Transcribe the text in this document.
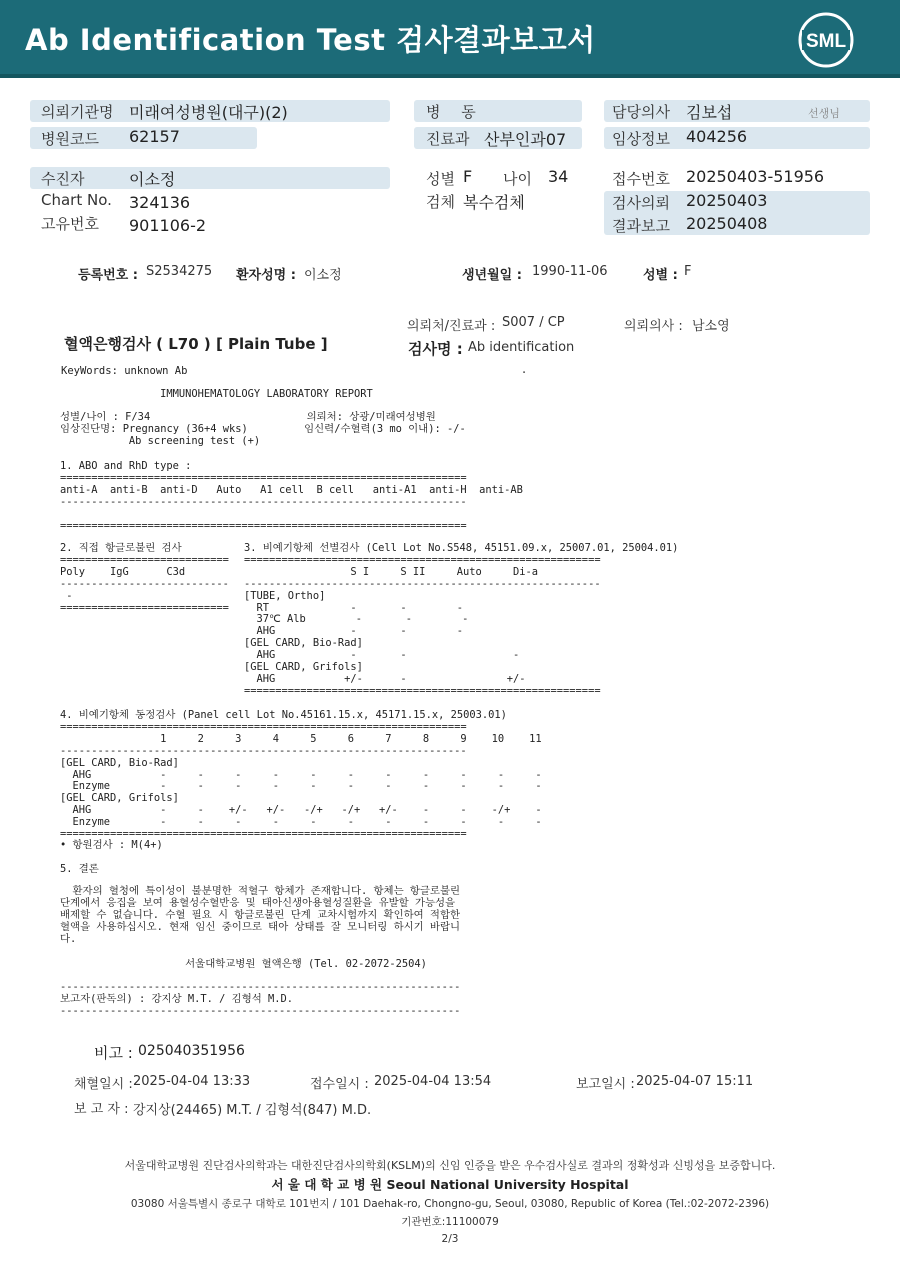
Ab Identification Test 검사결과보고서	SML
의뢰기관명 미래여성병원(대구)(2)
병원코드 62157
병 동
진료과 산부인과07
담당의사 김보섭	선생님
임상정보 404256
수진자	이소정
Chart No. 324136
고유번호 901106-2
성별 F 나이 34
검체 복수검체
접수번호 20250403-51956
검사의뢰 20250403
결과보고 20250408
등록번호 : S2534275 환자성명 : 이소정	생년월일 : 1990-11-06	성별 : F
의뢰처/진료과 : S007 / CP	의뢰의사 : 남소영
혈액은행검사 ( L70 ) [ Plain Tube ]	검사명 : Ab identification
KeyWords: unknown Ab	.
IMMUNOHEMATOLOGY LABORATORY REPORT
성별/나이 : F/34                         의뢰처: 상광/미래여성병원
임상진단명: Pregnancy (36+4 wks)         임신력/수혈력(3 mo 이내): -/-
Ab screening test (+)
1. ABO and RhD type :
=================================================================
anti-A  anti-B  anti-D   Auto   A1 cell  B cell   anti-A1  anti-H  anti-AB
-----------------------------------------------------------------

=================================================================
2. 직접 항글로불린 검사
===========================
Poly    IgG      C3d
---------------------------
-
===========================
3. 비예기항체 선별검사 (Cell Lot No.S548, 45151.09.x, 25007.01, 25004.01)
=========================================================
S I     S II     Auto     Di-a
---------------------------------------------------------
[TUBE, Ortho]
RT             -       -        -
37℃ Alb        -       -        -
AHG            -       -        -
[GEL CARD, Bio-Rad]
AHG            -       -                 -
[GEL CARD, Grifols]
AHG           +/-      -                +/-
=========================================================
4. 비예기항체 동정검사 (Panel cell Lot No.45161.15.x, 45171.15.x, 25003.01)
=================================================================
1     2     3     4     5     6     7     8     9    10    11
-----------------------------------------------------------------
[GEL CARD, Bio-Rad]
AHG           -     -     -     -     -     -     -     -     -     -     -
Enzyme        -     -     -     -     -     -     -     -     -     -     -
[GEL CARD, Grifols]
AHG           -     -    +/-   +/-   -/+   -/+   +/-    -     -    -/+    -
Enzyme        -     -     -     -     -     -     -     -     -     -     -
=================================================================
• 항원검사 : M(4+)
5. 결론
환자의 혈청에 특이성이 불분명한 적혈구 항체가 존재합니다. 항체는 항글로불린
단계에서 응집을 보여 용혈성수혈반응 및 태아신생아용혈성질환을 유발할 가능성을
배제할 수 없습니다. 수혈 필요 시 항글로불린 단계 교차시험까지 확인하여 적합한
혈액을 사용하십시오. 현재 임신 중이므로 태아 상태를 잘 모니터링 하시기 바랍니
다.
서울대학교병원 혈액은행 (Tel. 02-2072-2504)
----------------------------------------------------------------
보고자(판독의) : 강지상 M.T. / 김형석 M.D.
----------------------------------------------------------------
비고 : 025040351956
채혈일시 : 2025-04-04 13:33	접수일시 : 2025-04-04 13:54	보고일시 : 2025-04-07 15:11
보 고 자 : 강지상(24465) M.T. / 김형석(847) M.D.
서울대학교병원 진단검사의학과는 대한진단검사의학회(KSLM)의 신임 인증을 받은 우수검사실로 결과의 정확성과 신빙성을 보증합니다.
서 울 대 학 교 병 원 Seoul National University Hospital
03080 서울특별시 종로구 대학로 101번지 / 101 Daehak-ro, Chongno-gu, Seoul, 03080, Republic of Korea (Tel.:02-2072-2396)
기관번호:11100079
2/3
